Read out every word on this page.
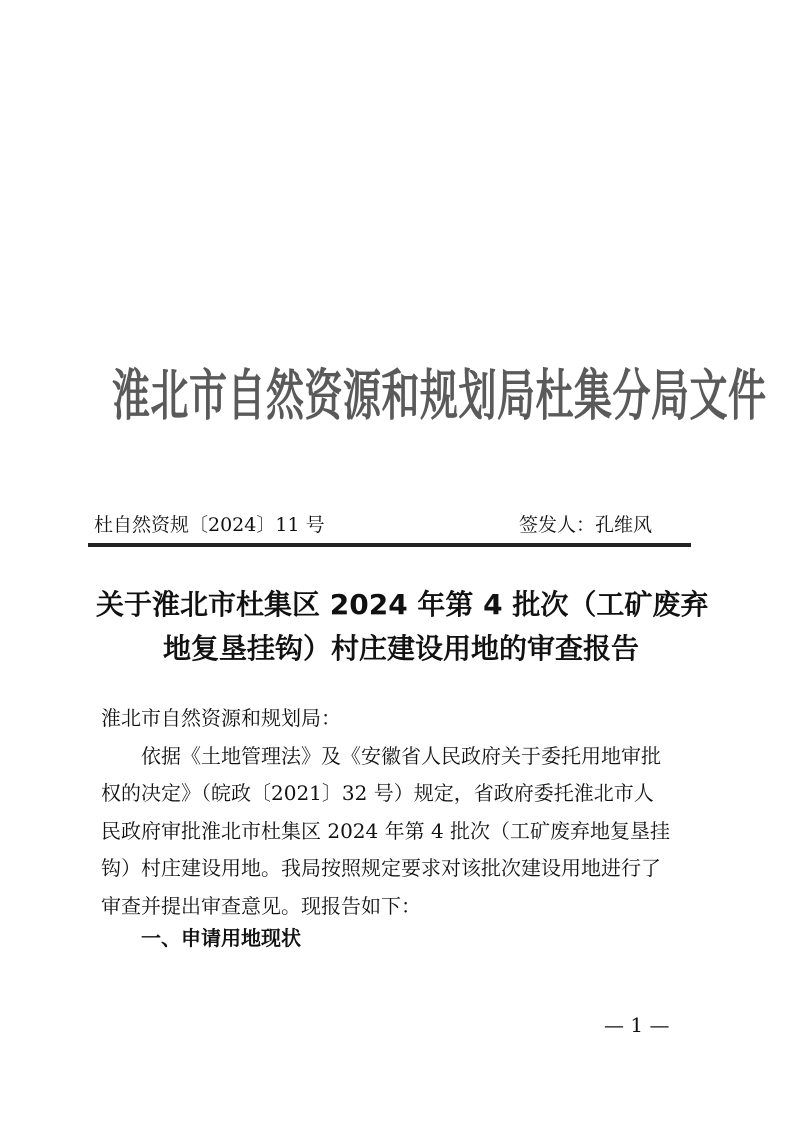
淮北市自然资源和规划局杜集分局文件
杜自然资规〔2024〕11 号	签发人：孔维风
关于淮北市杜集区 2024 年第 4 批次（工矿废弃
地复垦挂钩）村庄建设用地的审查报告
淮北市自然资源和规划局：
依据《土地管理法》及《安徽省人民政府关于委托用地审批
权的决定》（皖政〔2021〕32 号）规定，省政府委托淮北市人
民政府审批淮北市杜集区 2024 年第 4 批次（工矿废弃地复垦挂
钩）村庄建设用地。我局按照规定要求对该批次建设用地进行了
审查并提出审查意见。现报告如下：
一、申请用地现状
— 1 —
